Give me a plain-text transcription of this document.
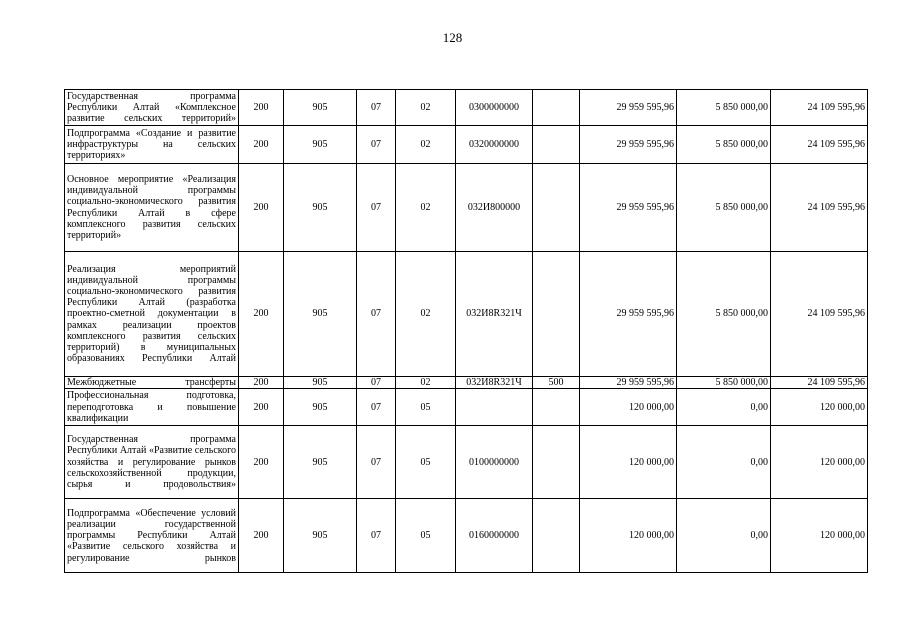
128
Государственная программа Республики Алтай «Комплексное развитие сельских территорий»	200	905	07	02	0300000000		29 959 595,96	5 850 000,00	24 109 595,96
Подпрограмма «Создание и развитие инфраструктуры на сельских территориях»	200	905	07	02	0320000000		29 959 595,96	5 850 000,00	24 109 595,96
Основное мероприятие «Реализация индивидуальной программы социально-экономического развития Республики Алтай в сфере комплексного развития сельских территорий»	200	905	07	02	032И800000		29 959 595,96	5 850 000,00	24 109 595,96
Реализация мероприятий индивидуальной программы социально-экономического развития Республики Алтай (разработка проектно-сметной документации в рамках реализации проектов комплексного развития сельских территорий) в муниципальных образованиях Республики Алтай	200	905	07	02	032И8R321Ч		29 959 595,96	5 850 000,00	24 109 595,96
Межбюджетные трансферты	200	905	07	02	032И8R321Ч	500	29 959 595,96	5 850 000,00	24 109 595,96
Профессиональная подготовка, переподготовка и повышение квалификации	200	905	07	05			120 000,00	0,00	120 000,00
Государственная программа Республики Алтай «Развитие сельского хозяйства и регулирование рынков сельскохозяйственной продукции, сырья и продовольствия»	200	905	07	05	0100000000		120 000,00	0,00	120 000,00
Подпрограмма «Обеспечение условий реализации государственной программы Республики Алтай «Развитие сельского хозяйства и регулирование рынков	200	905	07	05	0160000000		120 000,00	0,00	120 000,00
